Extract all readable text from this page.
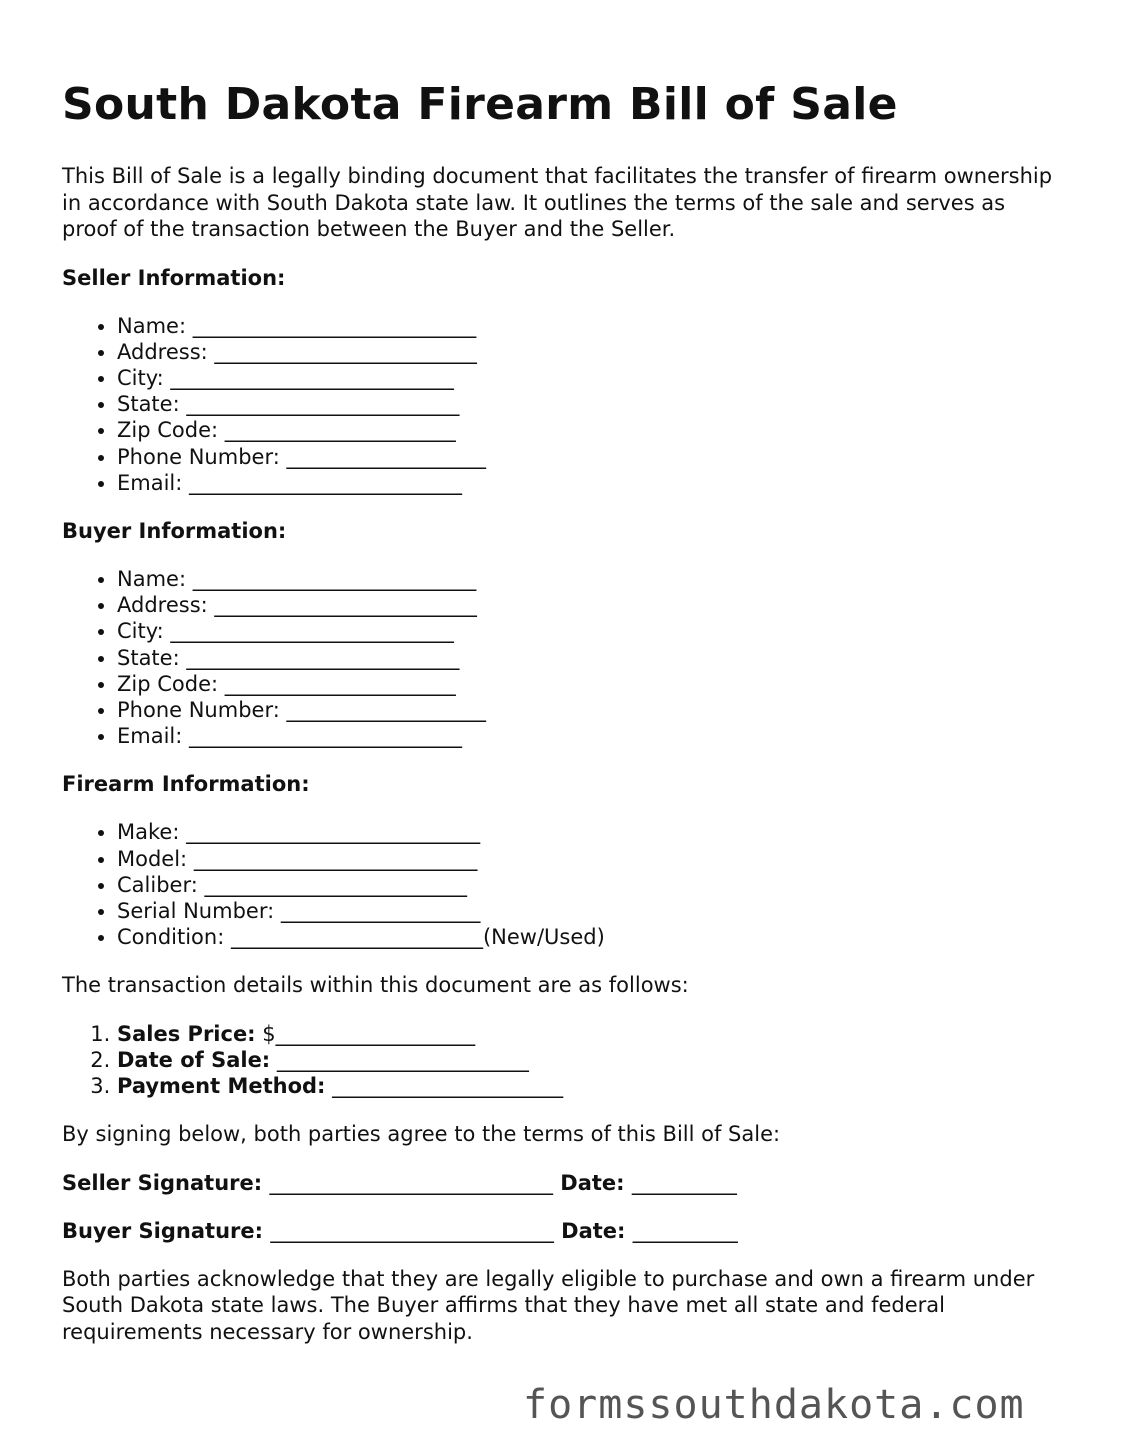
South Dakota Firearm Bill of Sale

This Bill of Sale is a legally binding document that facilitates the transfer of firearm ownership in accordance with South Dakota state law. It outlines the terms of the sale and serves as proof of the transaction between the Buyer and the Seller.

Seller Information:
• Name: ___________________________
• Address: _________________________
• City: ___________________________
• State: __________________________
• Zip Code: ______________________
• Phone Number: ___________________
• Email: __________________________
Buyer Information:
• Name: ___________________________
• Address: _________________________
• City: ___________________________
• State: __________________________
• Zip Code: ______________________
• Phone Number: ___________________
• Email: __________________________
Firearm Information:
• Make: ____________________________
• Model: ___________________________
• Caliber: _________________________
• Serial Number: ___________________
• Condition: ________________________(New/Used)

The transaction details within this document are as follows:

1. Sales Price: $___________________
2. Date of Sale: ________________________
3. Payment Method: ______________________

By signing below, both parties agree to the terms of this Bill of Sale:

Seller Signature: ___________________________ Date: __________
Buyer Signature: ___________________________ Date: __________

Both parties acknowledge that they are legally eligible to purchase and own a firearm under South Dakota state laws. The Buyer affirms that they have met all state and federal requirements necessary for ownership.

formssouthdakota.com
